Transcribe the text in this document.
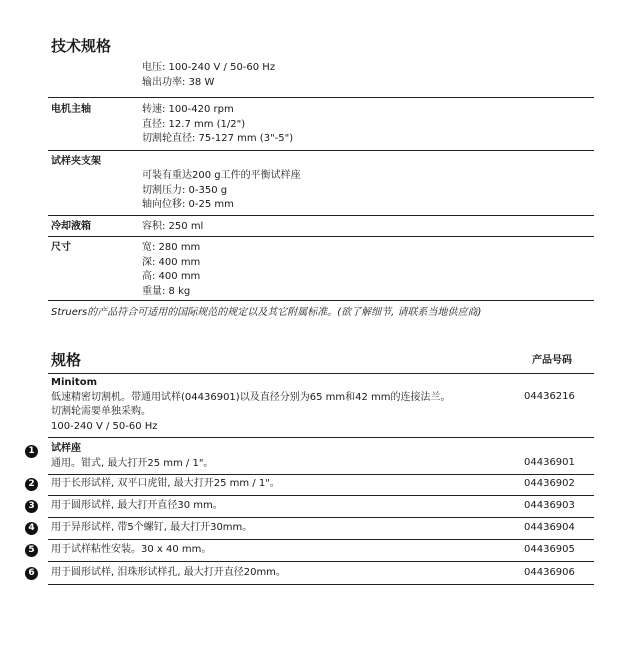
技术规格
电压: 100-240 V / 50-60 Hz
输出功率: 38 W
电机主轴	转速: 100-420 rpm
直径: 12.7 mm (1/2")
切割轮直径: 75-127 mm (3"-5")
试样夹支架
可装有重达200 g工件的平衡试样座
切割压力: 0-350 g
轴向位移: 0-25 mm
冷却液箱	容积: 250 ml
尺寸	宽: 280 mm
深: 400 mm
高: 400 mm
重量: 8 kg
Struers的产品符合可适用的国际规范的规定以及其它附属标准。(欲了解细节, 请联系当地供应商)
规格	产品号码
Minitom
低速精密切割机。带通用试样(04436901)以及直径分别为65 mm和42 mm的连接法兰。
切割轮需要单独采购。
100-240 V / 50-60 Hz
04436216
1	试样座
通用。钳式, 最大打开25 mm / 1"。	04436901
2	用于长形试样, 双平口虎钳, 最大打开25 mm / 1"。	04436902
3	用于圆形试样, 最大打开直径30 mm。	04436903
4	用于异形试样, 带5个螺钉, 最大打开30mm。	04436904
5	用于试样粘性安装。30 x 40 mm。	04436905
6	用于圆形试样, 泪珠形试样孔, 最大打开直径20mm。	04436906
